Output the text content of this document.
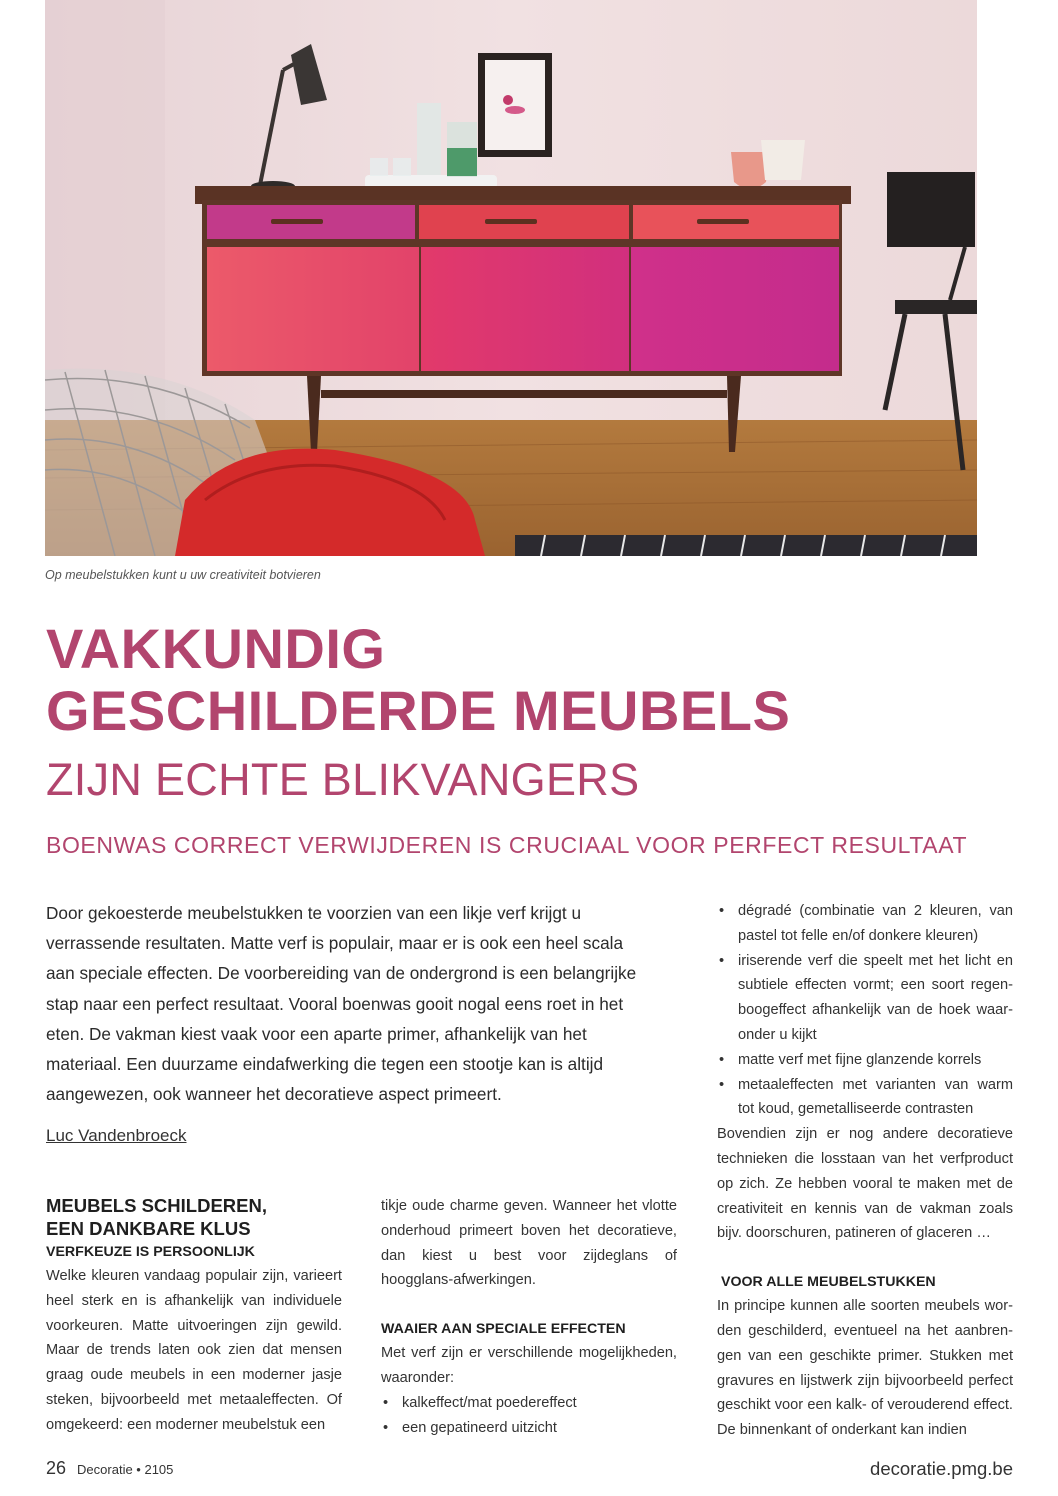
Op meubelstukken kunt u uw creativiteit botvieren
VAKKUNDIG
GESCHILDERDE MEUBELS
ZIJN ECHTE BLIKVANGERS
BOENWAS CORRECT VERWIJDEREN IS CRUCIAAL VOOR PERFECT RESULTAAT
Door gekoesterde meubelstukken te voorzien van een likje verf krijgt u verrassende resultaten. Matte verf is populair, maar er is ook een heel scala aan speciale effecten. De voorbereiding van de ondergrond is een belangrijke stap naar een perfect resultaat. Vooral boenwas gooit nogal eens roet in het eten. De vakman kiest vaak voor een aparte primer, afhankelijk van het materiaal. Een duurzame eindafwerking die tegen een stootje kan is altijd aangewezen, ook wanneer het decoratieve aspect primeert.
Luc Vandenbroeck
MEUBELS SCHILDEREN,
EEN DANKBARE KLUS
VERFKEUZE IS PERSOONLIJK

Welke kleuren vandaag populair zijn, varieert heel sterk en is afhankelijk van individuele voorkeuren. Matte uitvoeringen zijn gewild. Maar de trends laten ook zien dat mensen graag oude meubels in een moderner jasje steken, bijvoorbeeld met metaaleffecten. Of omgekeerd: een moderner meubelstuk een

tikje oude charme geven. Wanneer het vlotte onderhoud primeert boven het decoratieve, dan kiest u best voor zijdeglans of hoogglans-afwerkingen.

WAAIER AAN SPECIALE EFFECTEN

Met verf zijn er verschillende mogelijkheden, waaronder:

• kalkeffect/mat poedereffect
• een gepatineerd uitzicht
• dégradé (combinatie van 2 kleuren, van pastel tot felle en/of donkere kleuren)
• iriserende verf die speelt met het licht en subtiele effecten vormt; een soort regen-boogeffect afhankelijk van de hoek waar-onder u kijkt
• matte verf met fijne glanzende korrels
• metaaleffecten met varianten van warm tot koud, gemetalliseerde contrasten

Bovendien zijn er nog andere decoratieve technieken die losstaan van het verfproduct op zich. Ze hebben vooral te maken met de creativiteit en kennis van de vakman zoals bijv. doorschuren, patineren of glaceren …

VOOR ALLE MEUBELSTUKKEN

In principe kunnen alle soorten meubels wor-den geschilderd, eventueel na het aanbren-gen van een geschikte primer. Stukken met gravures en lijstwerk zijn bijvoorbeeld perfect geschikt voor een kalk- of verouderend effect. De binnenkant of onderkant kan indien

26 Decoratie • 2105	decoratie.pmg.be
